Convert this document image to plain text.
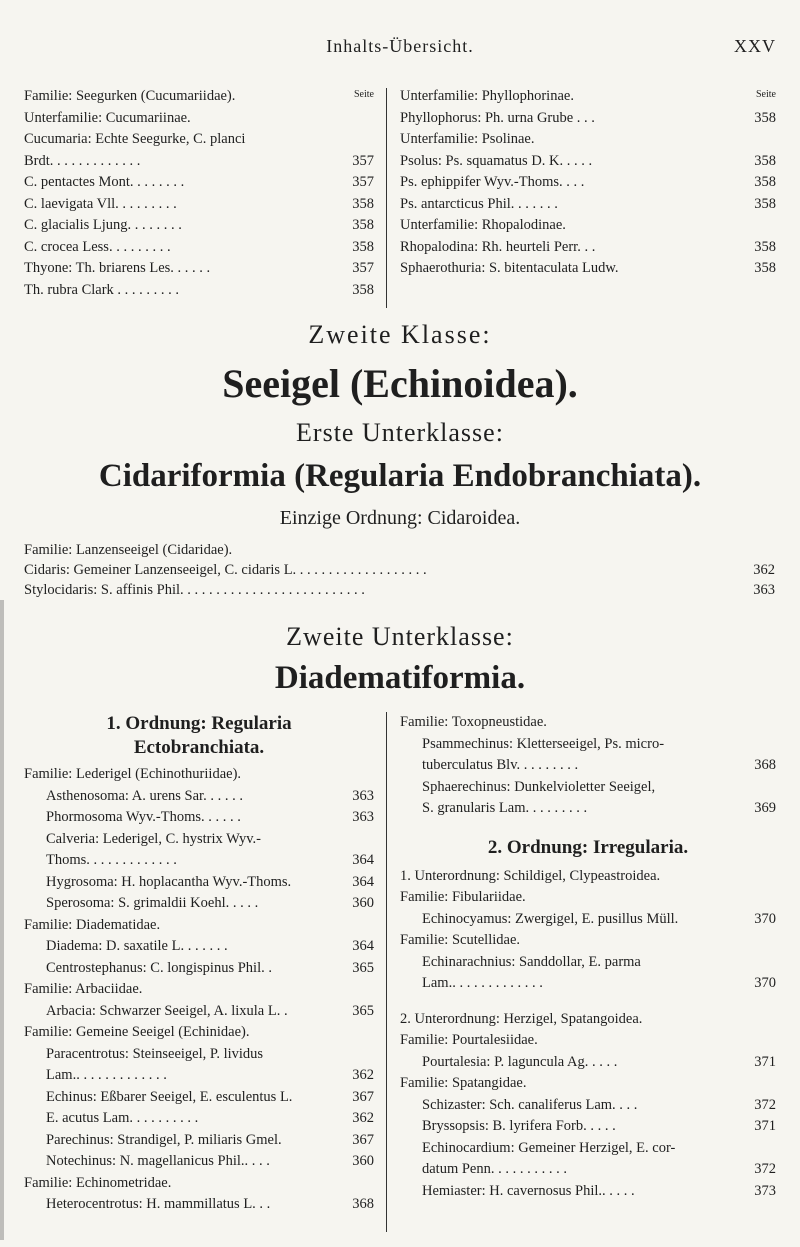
Inhalts-Übersicht.	XXV
Familie: Seegurken (Cucumariidae).
Unterfamilie: Cucumariinae.
Cucumaria: Echte Seegurke, C. planci
Brdt. . . . . . . . . . . . .	357
C. pentactes Mont. . . . . . . .	357
C. laevigata Vll. . . . . . . . .	358
C. glacialis Ljung. . . . . . . .	358
C. crocea Less. . . . . . . . .	358
Thyone: Th. briarens Les. . . . . .	357
Th. rubra Clark . . . . . . . . .	358
Seite Unterfamilie: Phyllophorinae.
Phyllophorus: Ph. urna Grube . . .	358
Unterfamilie: Psolinae.
Psolus: Ps. squamatus D. K. . . . .	358
Ps. ephippifer Wyv.-Thoms. . . .	358
Ps. antarcticus Phil. . . . . . .	358
Unterfamilie: Rhopalodinae.
Rhopalodina: Rh. heurteli Perr. . .	358
Sphaerothuria: S. bitentaculata Ludw.	358
Seite
Zweite Klasse:
Seeigel (Echinoidea).
Erste Unterklasse:
Cidariformia (Regularia Endobranchiata).
Einzige Ordnung: Cidaroidea.
Familie: Lanzenseeigel (Cidaridae).
Cidaris: Gemeiner Lanzenseeigel, C. cidaris L. . . . . . . . . . . . . . . . . . .	362
Stylocidaris: S. affinis Phil. . . . . . . . . . . . . . . . . . . . . . . . . .	363
Zweite Unterklasse:
Diadematiformia.
1. Ordnung: Regularia
Ectobranchiata.
Familie: Lederigel (Echinothuriidae).
Asthenosoma: A. urens Sar. . . . . .	363
Phormosoma Wyv.-Thoms. . . . . .	363
Calveria: Lederigel, C. hystrix Wyv.-
Thoms. . . . . . . . . . . . .	364
Hygrosoma: H. hoplacantha Wyv.-Thoms.	364
Sperosoma: S. grimaldii Koehl. . . . .	360
Familie: Diadematidae.
Diadema: D. saxatile L. . . . . . .	364
Centrostephanus: C. longispinus Phil. .	365
Familie: Arbaciidae.
Arbacia: Schwarzer Seeigel, A. lixula L. .	365
Familie: Gemeine Seeigel (Echinidae).
Paracentrotus: Steinseeigel, P. lividus
Lam.. . . . . . . . . . . . .	362
Echinus: Eßbarer Seeigel, E. esculentus L.	367
E. acutus Lam. . . . . . . . . .	362
Parechinus: Strandigel, P. miliaris Gmel.	367
Notechinus: N. magellanicus Phil.. . . .	360
Familie: Echinometridae.
Heterocentrotus: H. mammillatus L. . .	368
Familie: Toxopneustidae.
Psammechinus: Kletterseeigel, Ps. micro-
tuberculatus Blv. . . . . . . . .	368
Sphaerechinus: Dunkelvioletter Seeigel,
S. granularis Lam. . . . . . . . .	369
2. Ordnung: Irregularia.
1. Unterordnung: Schildigel, Clypeastroidea.
Familie: Fibulariidae.
Echinocyamus: Zwergigel, E. pusillus Müll.	370
Familie: Scutellidae.
Echinarachnius: Sanddollar, E. parma
Lam.. . . . . . . . . . . . .	370
2. Unterordnung: Herzigel, Spatangoidea.
Familie: Pourtalesiidae.
Pourtalesia: P. laguncula Ag. . . . .	371
Familie: Spatangidae.
Schizaster: Sch. canaliferus Lam. . . .	372
Bryssopsis: B. lyrifera Forb. . . . .	371
Echinocardium: Gemeiner Herzigel, E. cor-
datum Penn. . . . . . . . . . .	372
Hemiaster: H. cavernosus Phil.. . . . .	373
